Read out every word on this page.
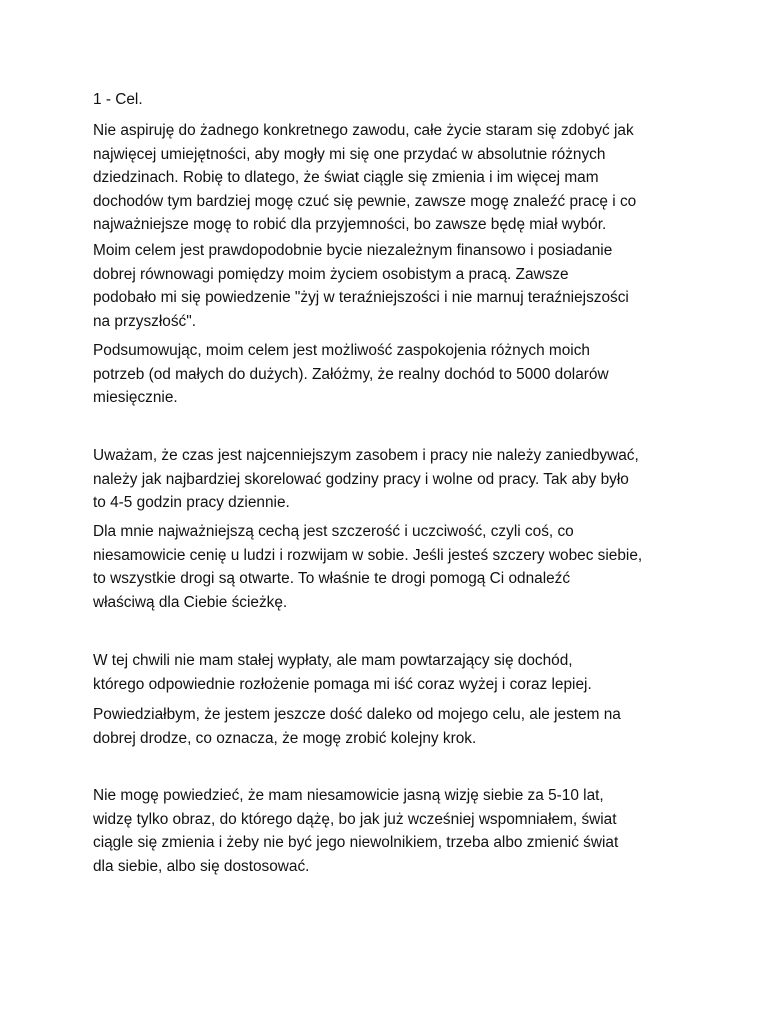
1 - Cel.
Nie aspiruję do żadnego konkretnego zawodu, całe życie staram się zdobyć jak
najwięcej umiejętności, aby mogły mi się one przydać w absolutnie różnych
dziedzinach. Robię to dlatego, że świat ciągle się zmienia i im więcej mam
dochodów tym bardziej mogę czuć się pewnie, zawsze mogę znaleźć pracę i co
najważniejsze mogę to robić dla przyjemności, bo zawsze będę miał wybór.
Moim celem jest prawdopodobnie bycie niezależnym finansowo i posiadanie
dobrej równowagi pomiędzy moim życiem osobistym a pracą. Zawsze
podobało mi się powiedzenie "żyj w teraźniejszości i nie marnuj teraźniejszości
na przyszłość".
Podsumowując, moim celem jest możliwość zaspokojenia różnych moich
potrzeb (od małych do dużych). Załóżmy, że realny dochód to 5000 dolarów
miesięcznie.
Uważam, że czas jest najcenniejszym zasobem i pracy nie należy zaniedbywać,
należy jak najbardziej skorelować godziny pracy i wolne od pracy. Tak aby było
to 4-5 godzin pracy dziennie.
Dla mnie najważniejszą cechą jest szczerość i uczciwość, czyli coś, co
niesamowicie cenię u ludzi i rozwijam w sobie. Jeśli jesteś szczery wobec siebie,
to wszystkie drogi są otwarte. To właśnie te drogi pomogą Ci odnaleźć
właściwą dla Ciebie ścieżkę.
W tej chwili nie mam stałej wypłaty, ale mam powtarzający się dochód,
którego odpowiednie rozłożenie pomaga mi iść coraz wyżej i coraz lepiej.
Powiedziałbym, że jestem jeszcze dość daleko od mojego celu, ale jestem na
dobrej drodze, co oznacza, że mogę zrobić kolejny krok.
Nie mogę powiedzieć, że mam niesamowicie jasną wizję siebie za 5-10 lat,
widzę tylko obraz, do którego dążę, bo jak już wcześniej wspomniałem, świat
ciągle się zmienia i żeby nie być jego niewolnikiem, trzeba albo zmienić świat
dla siebie, albo się dostosować.
